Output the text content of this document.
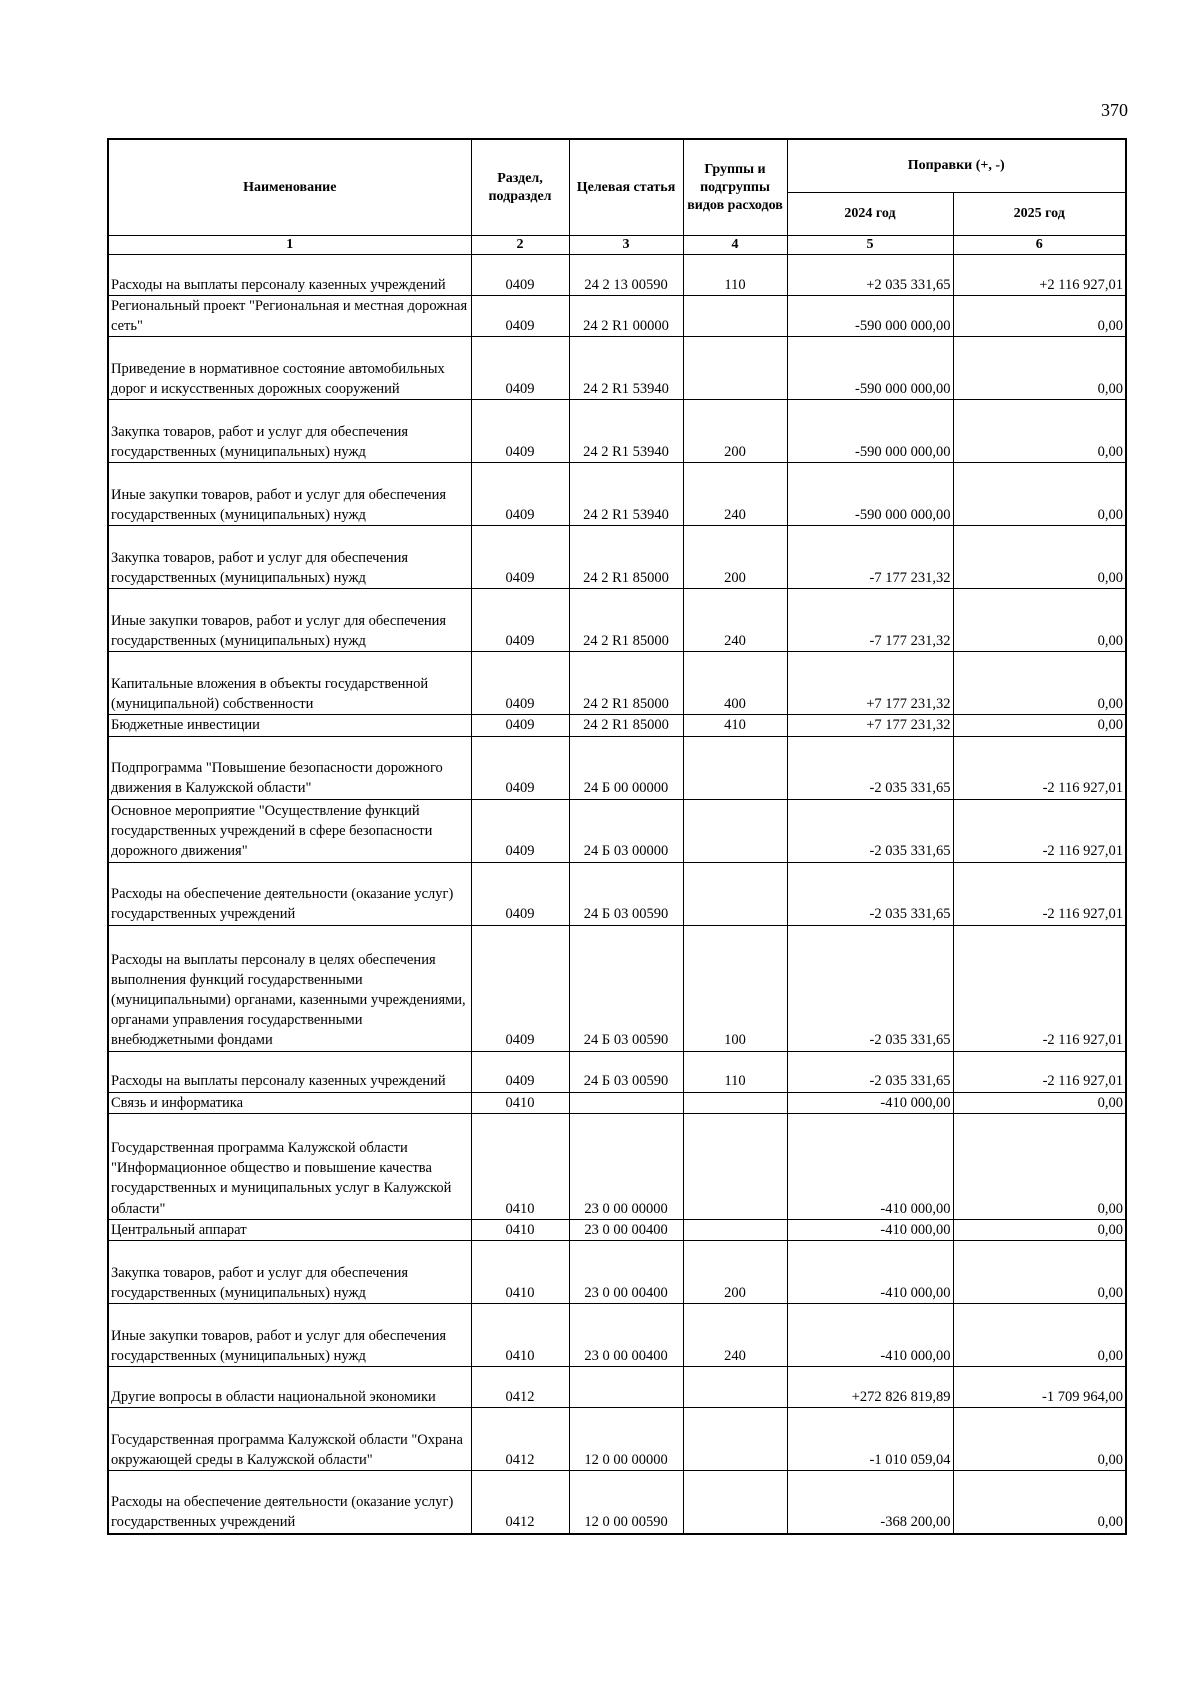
370
Наименование	Раздел, подраздел	Целевая статья	Группы и подгруппы видов расходов	Поправки (+, -)	
				2024 год	2025 год
1	2	3	4	5	6
Расходы на выплаты персоналу казенных учреждений	0409	24 2 13 00590	110	+2 035 331,65	+2 116 927,01
Региональный проект "Региональная и местная дорожная сеть"	0409	24 2 R1 00000		-590 000 000,00	0,00
Приведение в нормативное состояние автомобильных дорог и искусственных дорожных сооружений	0409	24 2 R1 53940		-590 000 000,00	0,00
Закупка товаров, работ и услуг для обеспечения государственных (муниципальных) нужд	0409	24 2 R1 53940	200	-590 000 000,00	0,00
Иные закупки товаров, работ и услуг для обеспечения государственных (муниципальных) нужд	0409	24 2 R1 53940	240	-590 000 000,00	0,00
Закупка товаров, работ и услуг для обеспечения государственных (муниципальных) нужд	0409	24 2 R1 85000	200	-7 177 231,32	0,00
Иные закупки товаров, работ и услуг для обеспечения государственных (муниципальных) нужд	0409	24 2 R1 85000	240	-7 177 231,32	0,00
Капитальные вложения в объекты государственной (муниципальной) собственности	0409	24 2 R1 85000	400	+7 177 231,32	0,00
Бюджетные инвестиции	0409	24 2 R1 85000	410	+7 177 231,32	0,00
Подпрограмма "Повышение безопасности дорожного движения в Калужской области"	0409	24 Б 00 00000		-2 035 331,65	-2 116 927,01
Основное мероприятие "Осуществление функций государственных учреждений в сфере безопасности дорожного движения"	0409	24 Б 03 00000		-2 035 331,65	-2 116 927,01
Расходы на обеспечение деятельности (оказание услуг) государственных учреждений	0409	24 Б 03 00590		-2 035 331,65	-2 116 927,01
Расходы на выплаты персоналу в целях обеспечения выполнения функций государственными (муниципальными) органами, казенными учреждениями, органами управления государственными внебюджетными фондами	0409	24 Б 03 00590	100	-2 035 331,65	-2 116 927,01
Расходы на выплаты персоналу казенных учреждений	0409	24 Б 03 00590	110	-2 035 331,65	-2 116 927,01
Связь и информатика	0410			-410 000,00	0,00
Государственная программа Калужской области "Информационное общество и повышение качества государственных и муниципальных услуг в Калужской области"	0410	23 0 00 00000		-410 000,00	0,00
Центральный аппарат	0410	23 0 00 00400		-410 000,00	0,00
Закупка товаров, работ и услуг для обеспечения государственных (муниципальных) нужд	0410	23 0 00 00400	200	-410 000,00	0,00
Иные закупки товаров, работ и услуг для обеспечения государственных (муниципальных) нужд	0410	23 0 00 00400	240	-410 000,00	0,00
Другие вопросы в области национальной экономики	0412			+272 826 819,89	-1 709 964,00
Государственная программа Калужской области "Охрана окружающей среды в Калужской области"	0412	12 0 00 00000		-1 010 059,04	0,00
Расходы на обеспечение деятельности (оказание услуг) государственных учреждений	0412	12 0 00 00590		-368 200,00	0,00
